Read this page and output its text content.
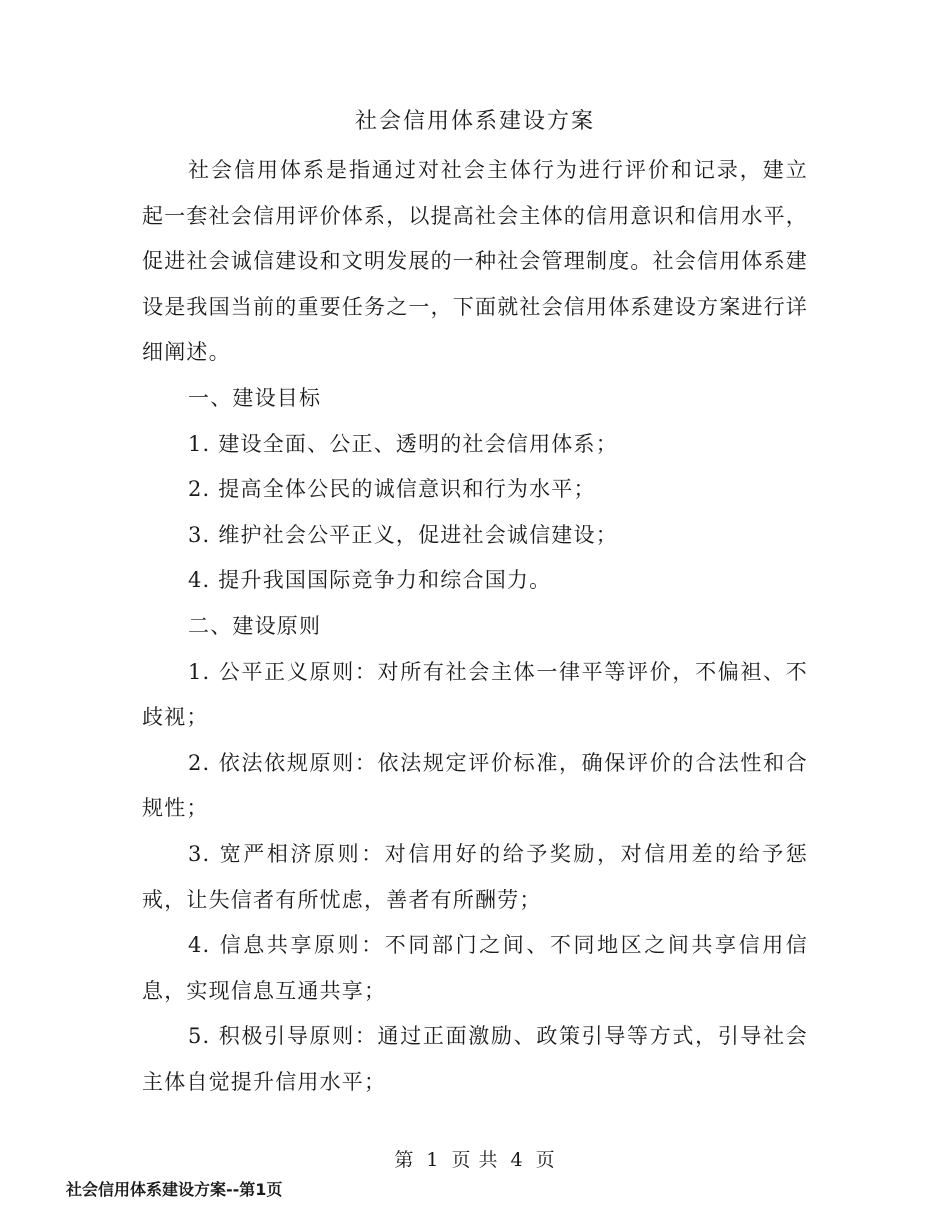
社会信用体系建设方案

社会信用体系是指通过对社会主体行为进行评价和记录，建立起一套社会信用评价体系，以提高社会主体的信用意识和信用水平，促进社会诚信建设和文明发展的一种社会管理制度。社会信用体系建设是我国当前的重要任务之一，下面就社会信用体系建设方案进行详细阐述。

一、建设目标

1. 建设全面、公正、透明的社会信用体系；

2. 提高全体公民的诚信意识和行为水平；

3. 维护社会公平正义，促进社会诚信建设；

4. 提升我国国际竞争力和综合国力。

二、建设原则

1. 公平正义原则：对所有社会主体一律平等评价，不偏袒、不歧视；

2. 依法依规原则：依法规定评价标准，确保评价的合法性和合规性；

3. 宽严相济原则：对信用好的给予奖励，对信用差的给予惩戒，让失信者有所忧虑，善者有所酬劳；

4. 信息共享原则：不同部门之间、不同地区之间共享信用信息，实现信息互通共享；

5. 积极引导原则：通过正面激励、政策引导等方式，引导社会主体自觉提升信用水平；

第 1 页 共 4 页
社会信用体系建设方案--第1页
